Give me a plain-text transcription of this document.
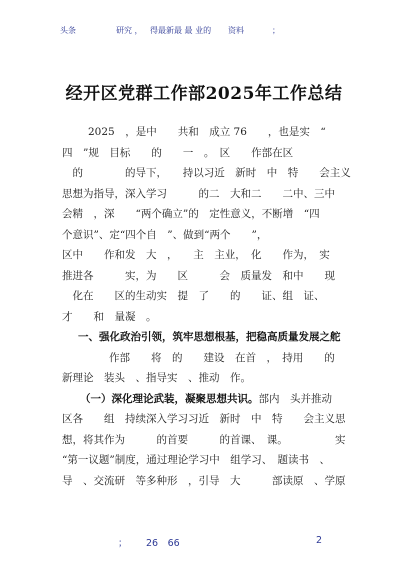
头条	研究 ， 得最新最 最 业的 资料	；
经开区党群工作部2025年工作总结
2025　，是中　　共和　成立 76　　，也是实　“
四　”规　目标　　的　　一　。　区　　作部在区
　的　　　　的导下，　　持以习近　新时　中　特　　会主义
思想为指导，深入学习　　　的二　大和二　　二中、三中
会精　，深　　“两个确立”的　定性意义，不断增　“四
个意识”、定“四个自　”、做到“两个　　”，
区中　　作和发　大　，　　主　主业，　化　　作为，　实
推进各　　　实，为　　区　　　会　质量发　和中　　现
　化在　　区的生动实　提　了　　的　　证、组　证、
才　　和　量凝　。
一、强化政治引领，筑牢思想根基，把稳高质量发展之舵
　　作部　　将　的　　建设　在首　，　持用　　的
新理论　装头　、指导实　、推动　作。
（一）深化理论武装，凝聚思想共识。部内　头并推动
区各　　组　持续深入学习习近　新时　中　特　　会主义思
想，将其作为　　　的首要　　　的首课、　课。　　　　　实
“第一议题”制度，通过理论学习中　组学习、　题读书　、
导　、交流研　等多种形　，引导　大　　　部读原　、学原
； 26　66	2
